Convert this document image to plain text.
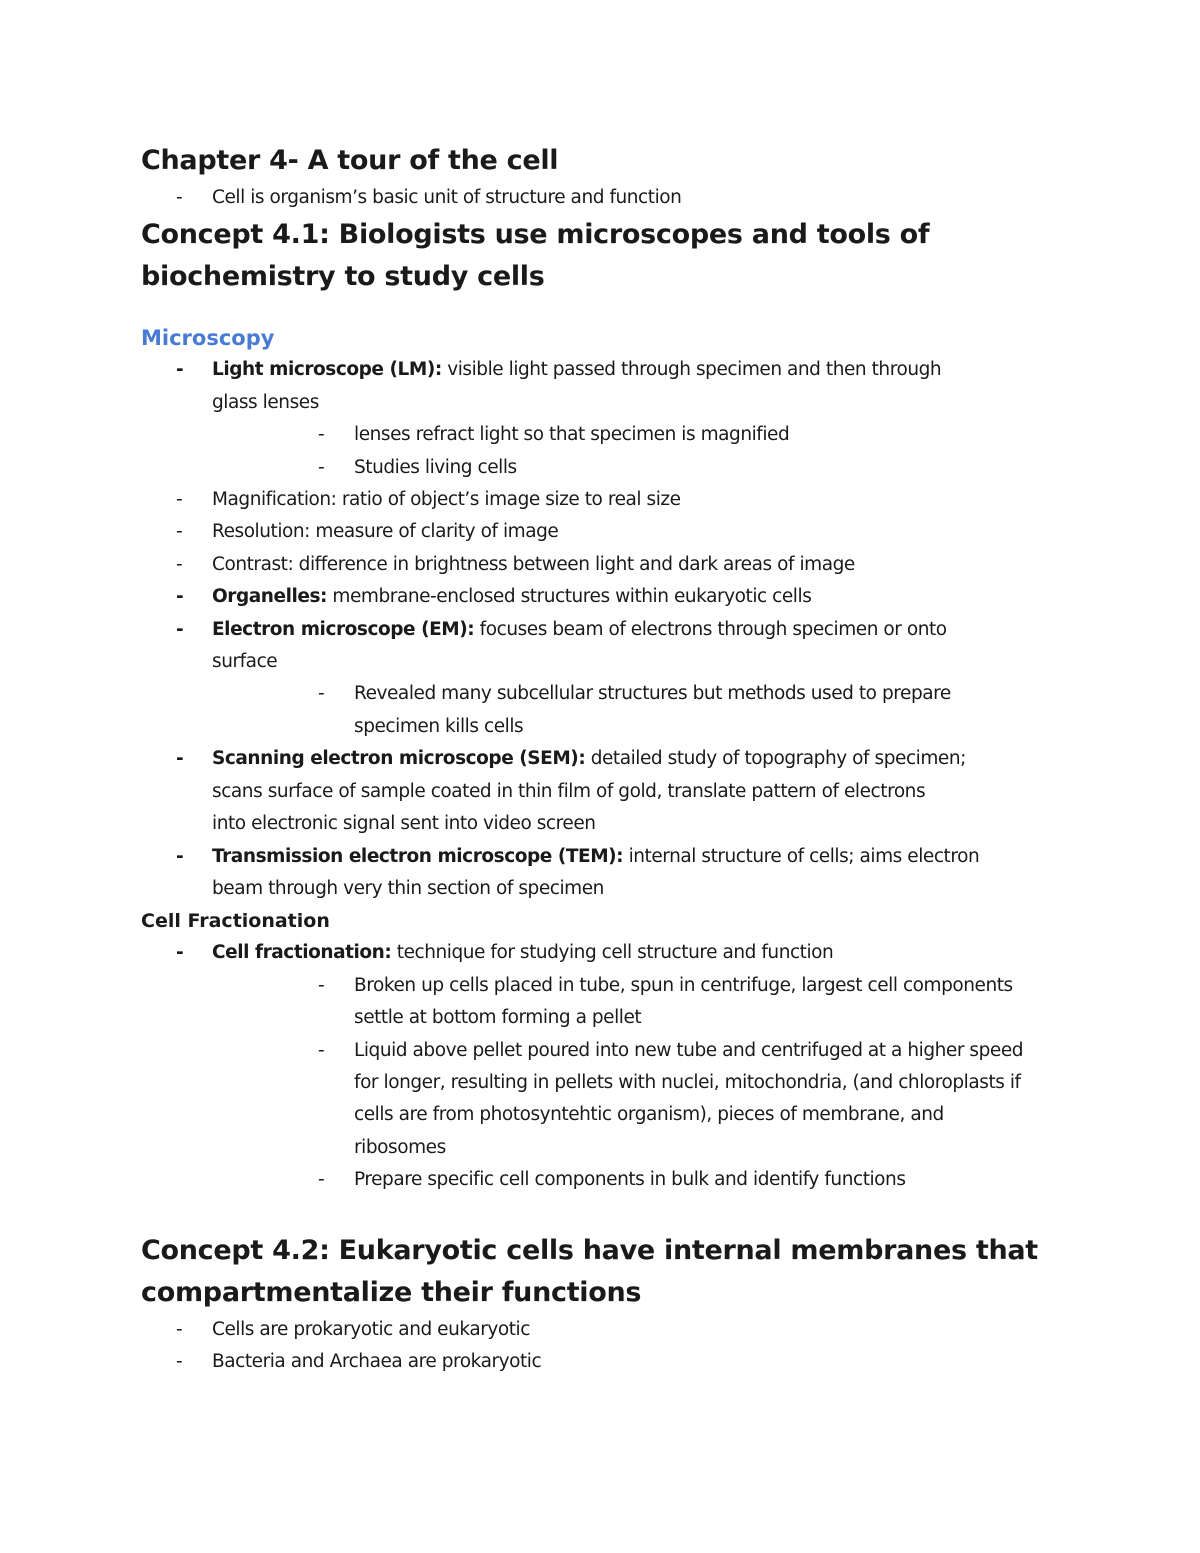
Chapter 4- A tour of the cell
- Cell is organism’s basic unit of structure and function
Concept 4.1: Biologists use microscopes and tools of
biochemistry to study cells
Microscopy
- Light microscope (LM): visible light passed through specimen and then through
glass lenses
- lenses refract light so that specimen is magnified
- Studies living cells
- Magnification: ratio of object’s image size to real size
- Resolution: measure of clarity of image
- Contrast: difference in brightness between light and dark areas of image
- Organelles: membrane-enclosed structures within eukaryotic cells
- Electron microscope (EM): focuses beam of electrons through specimen or onto
surface
- Revealed many subcellular structures but methods used to prepare
specimen kills cells
- Scanning electron microscope (SEM): detailed study of topography of specimen;
scans surface of sample coated in thin film of gold, translate pattern of electrons
into electronic signal sent into video screen
- Transmission electron microscope (TEM): internal structure of cells; aims electron
beam through very thin section of specimen
Cell Fractionation
- Cell fractionation: technique for studying cell structure and function
- Broken up cells placed in tube, spun in centrifuge, largest cell components
settle at bottom forming a pellet
- Liquid above pellet poured into new tube and centrifuged at a higher speed
for longer, resulting in pellets with nuclei, mitochondria, (and chloroplasts if
cells are from photosyntehtic organism), pieces of membrane, and
ribosomes
- Prepare specific cell components in bulk and identify functions
Concept 4.2: Eukaryotic cells have internal membranes that
compartmentalize their functions
- Cells are prokaryotic and eukaryotic
- Bacteria and Archaea are prokaryotic
